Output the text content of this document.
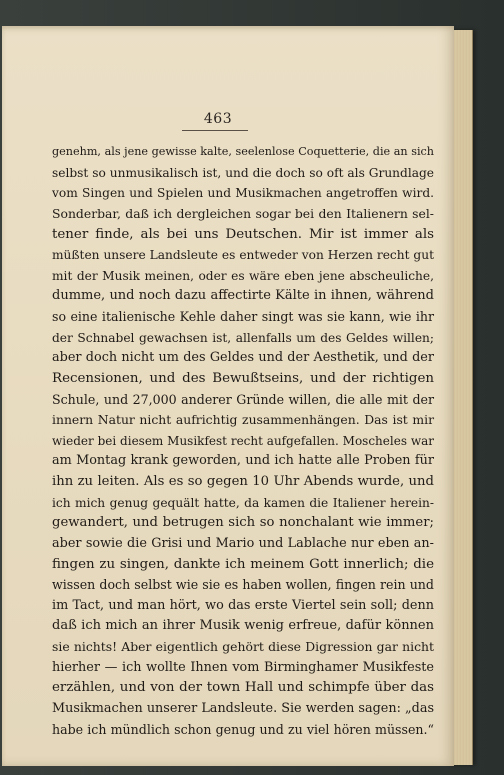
463
genehm, als jene gewisse kalte, seelenlose Coquetterie, die an sich
selbst so unmusikalisch ist, und die doch so oft als Grundlage
vom Singen und Spielen und Musikmachen angetroffen wird.
Sonderbar, daß ich dergleichen sogar bei den Italienern sel-
tener finde, als bei uns Deutschen. Mir ist immer als
müßten unsere Landsleute es entweder von Herzen recht gut
mit der Musik meinen, oder es wäre eben jene abscheuliche,
dumme, und noch dazu affectirte Kälte in ihnen, während
so eine italienische Kehle daher singt was sie kann, wie ihr
der Schnabel gewachsen ist, allenfalls um des Geldes willen;
aber doch nicht um des Geldes und der Aesthetik, und der
Recensionen, und des Bewußtseins, und der richtigen
Schule, und 27,000 anderer Gründe willen, die alle mit der
innern Natur nicht aufrichtig zusammenhängen. Das ist mir
wieder bei diesem Musikfest recht aufgefallen. Moscheles war
am Montag krank geworden, und ich hatte alle Proben für
ihn zu leiten. Als es so gegen 10 Uhr Abends wurde, und
ich mich genug gequält hatte, da kamen die Italiener herein-
gewandert, und betrugen sich so nonchalant wie immer;
aber sowie die Grisi und Mario und Lablache nur eben an-
fingen zu singen, dankte ich meinem Gott innerlich; die
wissen doch selbst wie sie es haben wollen, fingen rein und
im Tact, und man hört, wo das erste Viertel sein soll; denn
daß ich mich an ihrer Musik wenig erfreue, dafür können
sie nichts! Aber eigentlich gehört diese Digression gar nicht
hierher — ich wollte Ihnen vom Birminghamer Musikfeste
erzählen, und von der town Hall und schimpfe über das
Musikmachen unserer Landsleute. Sie werden sagen: „das
habe ich mündlich schon genug und zu viel hören müssen.“
